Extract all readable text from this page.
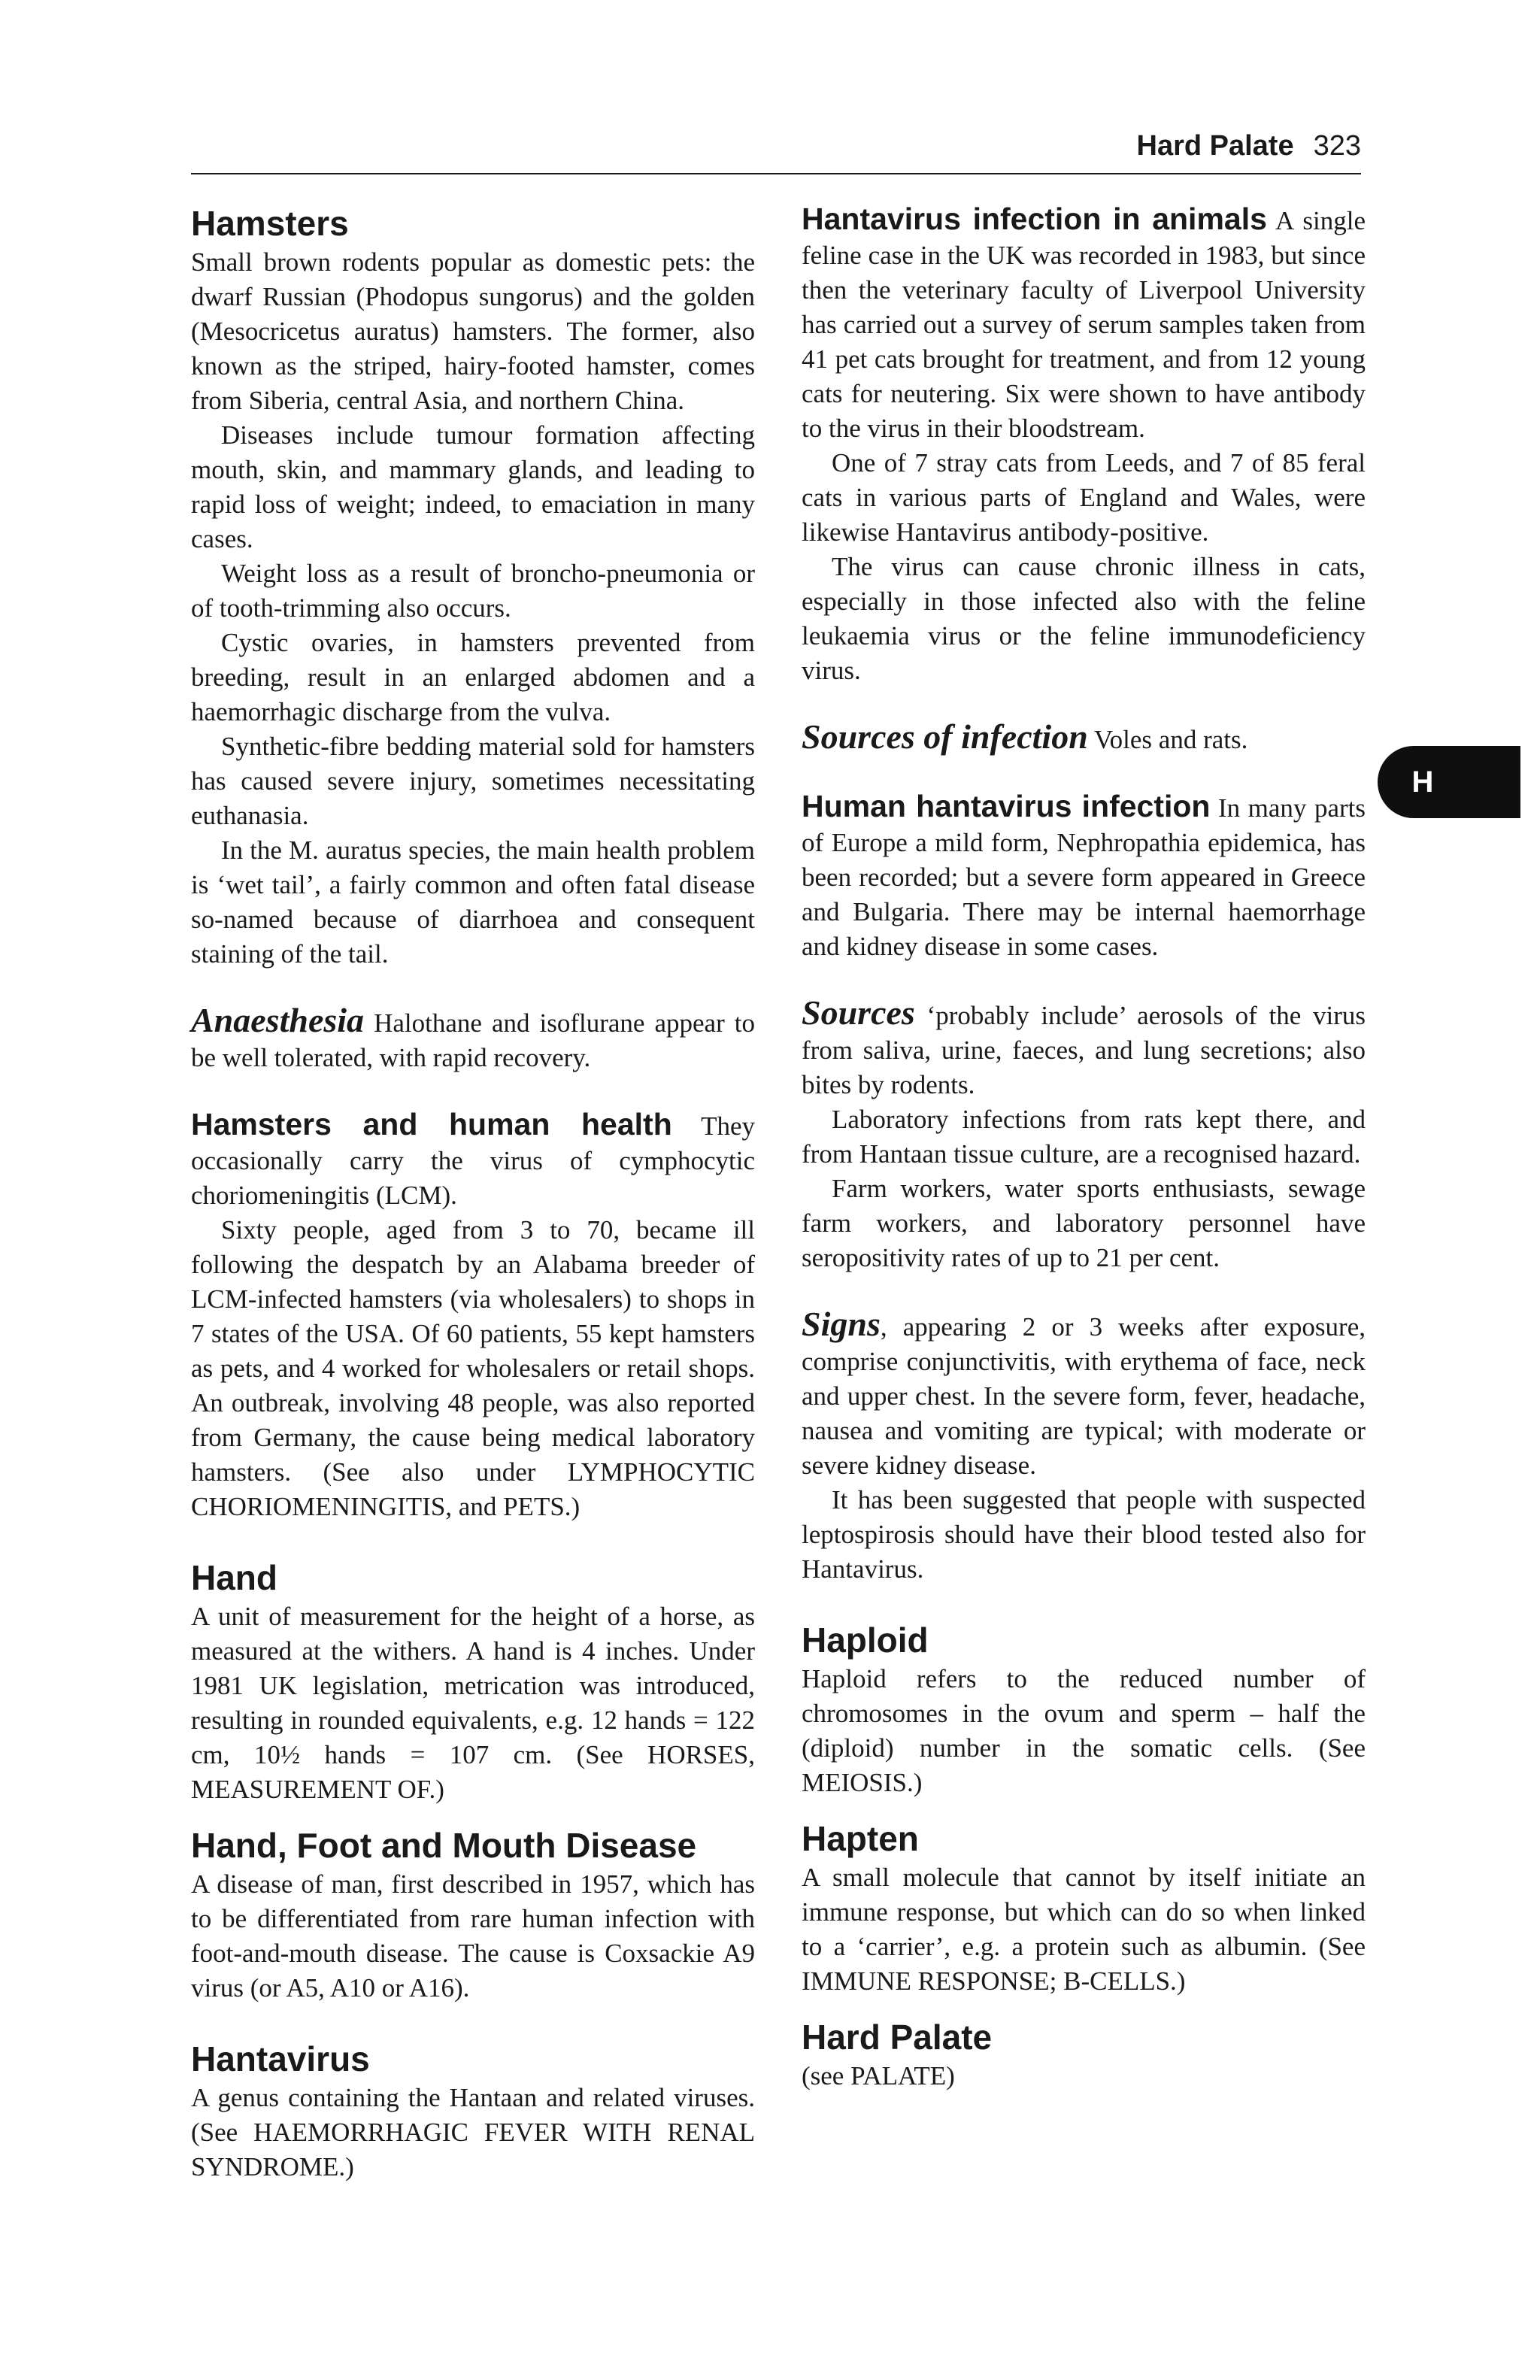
Hard Palate 323
H
Hamsters

Small brown rodents popular as domestic pets: the dwarf Russian (Phodopus sungorus) and the golden (Mesocricetus auratus) hamsters. The former, also known as the striped, hairy-footed hamster, comes from Siberia, central Asia, and northern China.

Diseases include tumour formation affecting mouth, skin, and mammary glands, and leading to rapid loss of weight; indeed, to emaciation in many cases.

Weight loss as a result of broncho-pneumonia or of tooth-trimming also occurs.

Cystic ovaries, in hamsters prevented from breeding, result in an enlarged abdomen and a haemorrhagic discharge from the vulva.

Synthetic-fibre bedding material sold for hamsters has caused severe injury, sometimes necessitating euthanasia.

In the M. auratus species, the main health problem is ‘wet tail’, a fairly common and often fatal disease so-named because of diarrhoea and consequent staining of the tail.

Anaesthesia Halothane and isoflurane appear to be well tolerated, with rapid recovery.

Hamsters and human health They occasionally carry the virus of cymphocytic choriomeningitis (LCM).

Sixty people, aged from 3 to 70, became ill following the despatch by an Alabama breeder of LCM-infected hamsters (via wholesalers) to shops in 7 states of the USA. Of 60 patients, 55 kept hamsters as pets, and 4 worked for wholesalers or retail shops. An outbreak, involving 48 people, was also reported from Germany, the cause being medical laboratory hamsters. (See also under LYMPHOCYTIC CHORIOMENINGITIS, and PETS.)

Hand

A unit of measurement for the height of a horse, as measured at the withers. A hand is 4 inches. Under 1981 UK legislation, metrication was introduced, resulting in rounded equivalents, e.g. 12 hands = 122 cm, 10½ hands = 107 cm. (See HORSES, MEASUREMENT OF.)

Hand, Foot and Mouth Disease

A disease of man, first described in 1957, which has to be differentiated from rare human infection with foot-and-mouth disease. The cause is Coxsackie A9 virus (or A5, A10 or A16).

Hantavirus

A genus containing the Hantaan and related viruses. (See HAEMORRHAGIC FEVER WITH RENAL SYNDROME.)

Hantavirus infection in animals A single feline case in the UK was recorded in 1983, but since then the veterinary faculty of Liverpool University has carried out a survey of serum samples taken from 41 pet cats brought for treatment, and from 12 young cats for neutering. Six were shown to have antibody to the virus in their bloodstream.

One of 7 stray cats from Leeds, and 7 of 85 feral cats in various parts of England and Wales, were likewise Hantavirus antibody-positive.

The virus can cause chronic illness in cats, especially in those infected also with the feline leukaemia virus or the feline immunodeficiency virus.

Sources of infection Voles and rats.

Human hantavirus infection In many parts of Europe a mild form, Nephropathia epidemica, has been recorded; but a severe form appeared in Greece and Bulgaria. There may be internal haemorrhage and kidney disease in some cases.

Sources ‘probably include’ aerosols of the virus from saliva, urine, faeces, and lung secretions; also bites by rodents.

Laboratory infections from rats kept there, and from Hantaan tissue culture, are a recognised hazard.

Farm workers, water sports enthusiasts, sewage farm workers, and laboratory personnel have seropositivity rates of up to 21 per cent.

Signs, appearing 2 or 3 weeks after exposure, comprise conjunctivitis, with erythema of face, neck and upper chest. In the severe form, fever, headache, nausea and vomiting are typical; with moderate or severe kidney disease.

It has been suggested that people with suspected leptospirosis should have their blood tested also for Hantavirus.

Haploid

Haploid refers to the reduced number of chromosomes in the ovum and sperm – half the (diploid) number in the somatic cells. (See MEIOSIS.)

Hapten

A small molecule that cannot by itself initiate an immune response, but which can do so when linked to a ‘carrier’, e.g. a protein such as albumin. (See IMMUNE RESPONSE; B-CELLS.)

Hard Palate

(see PALATE)
